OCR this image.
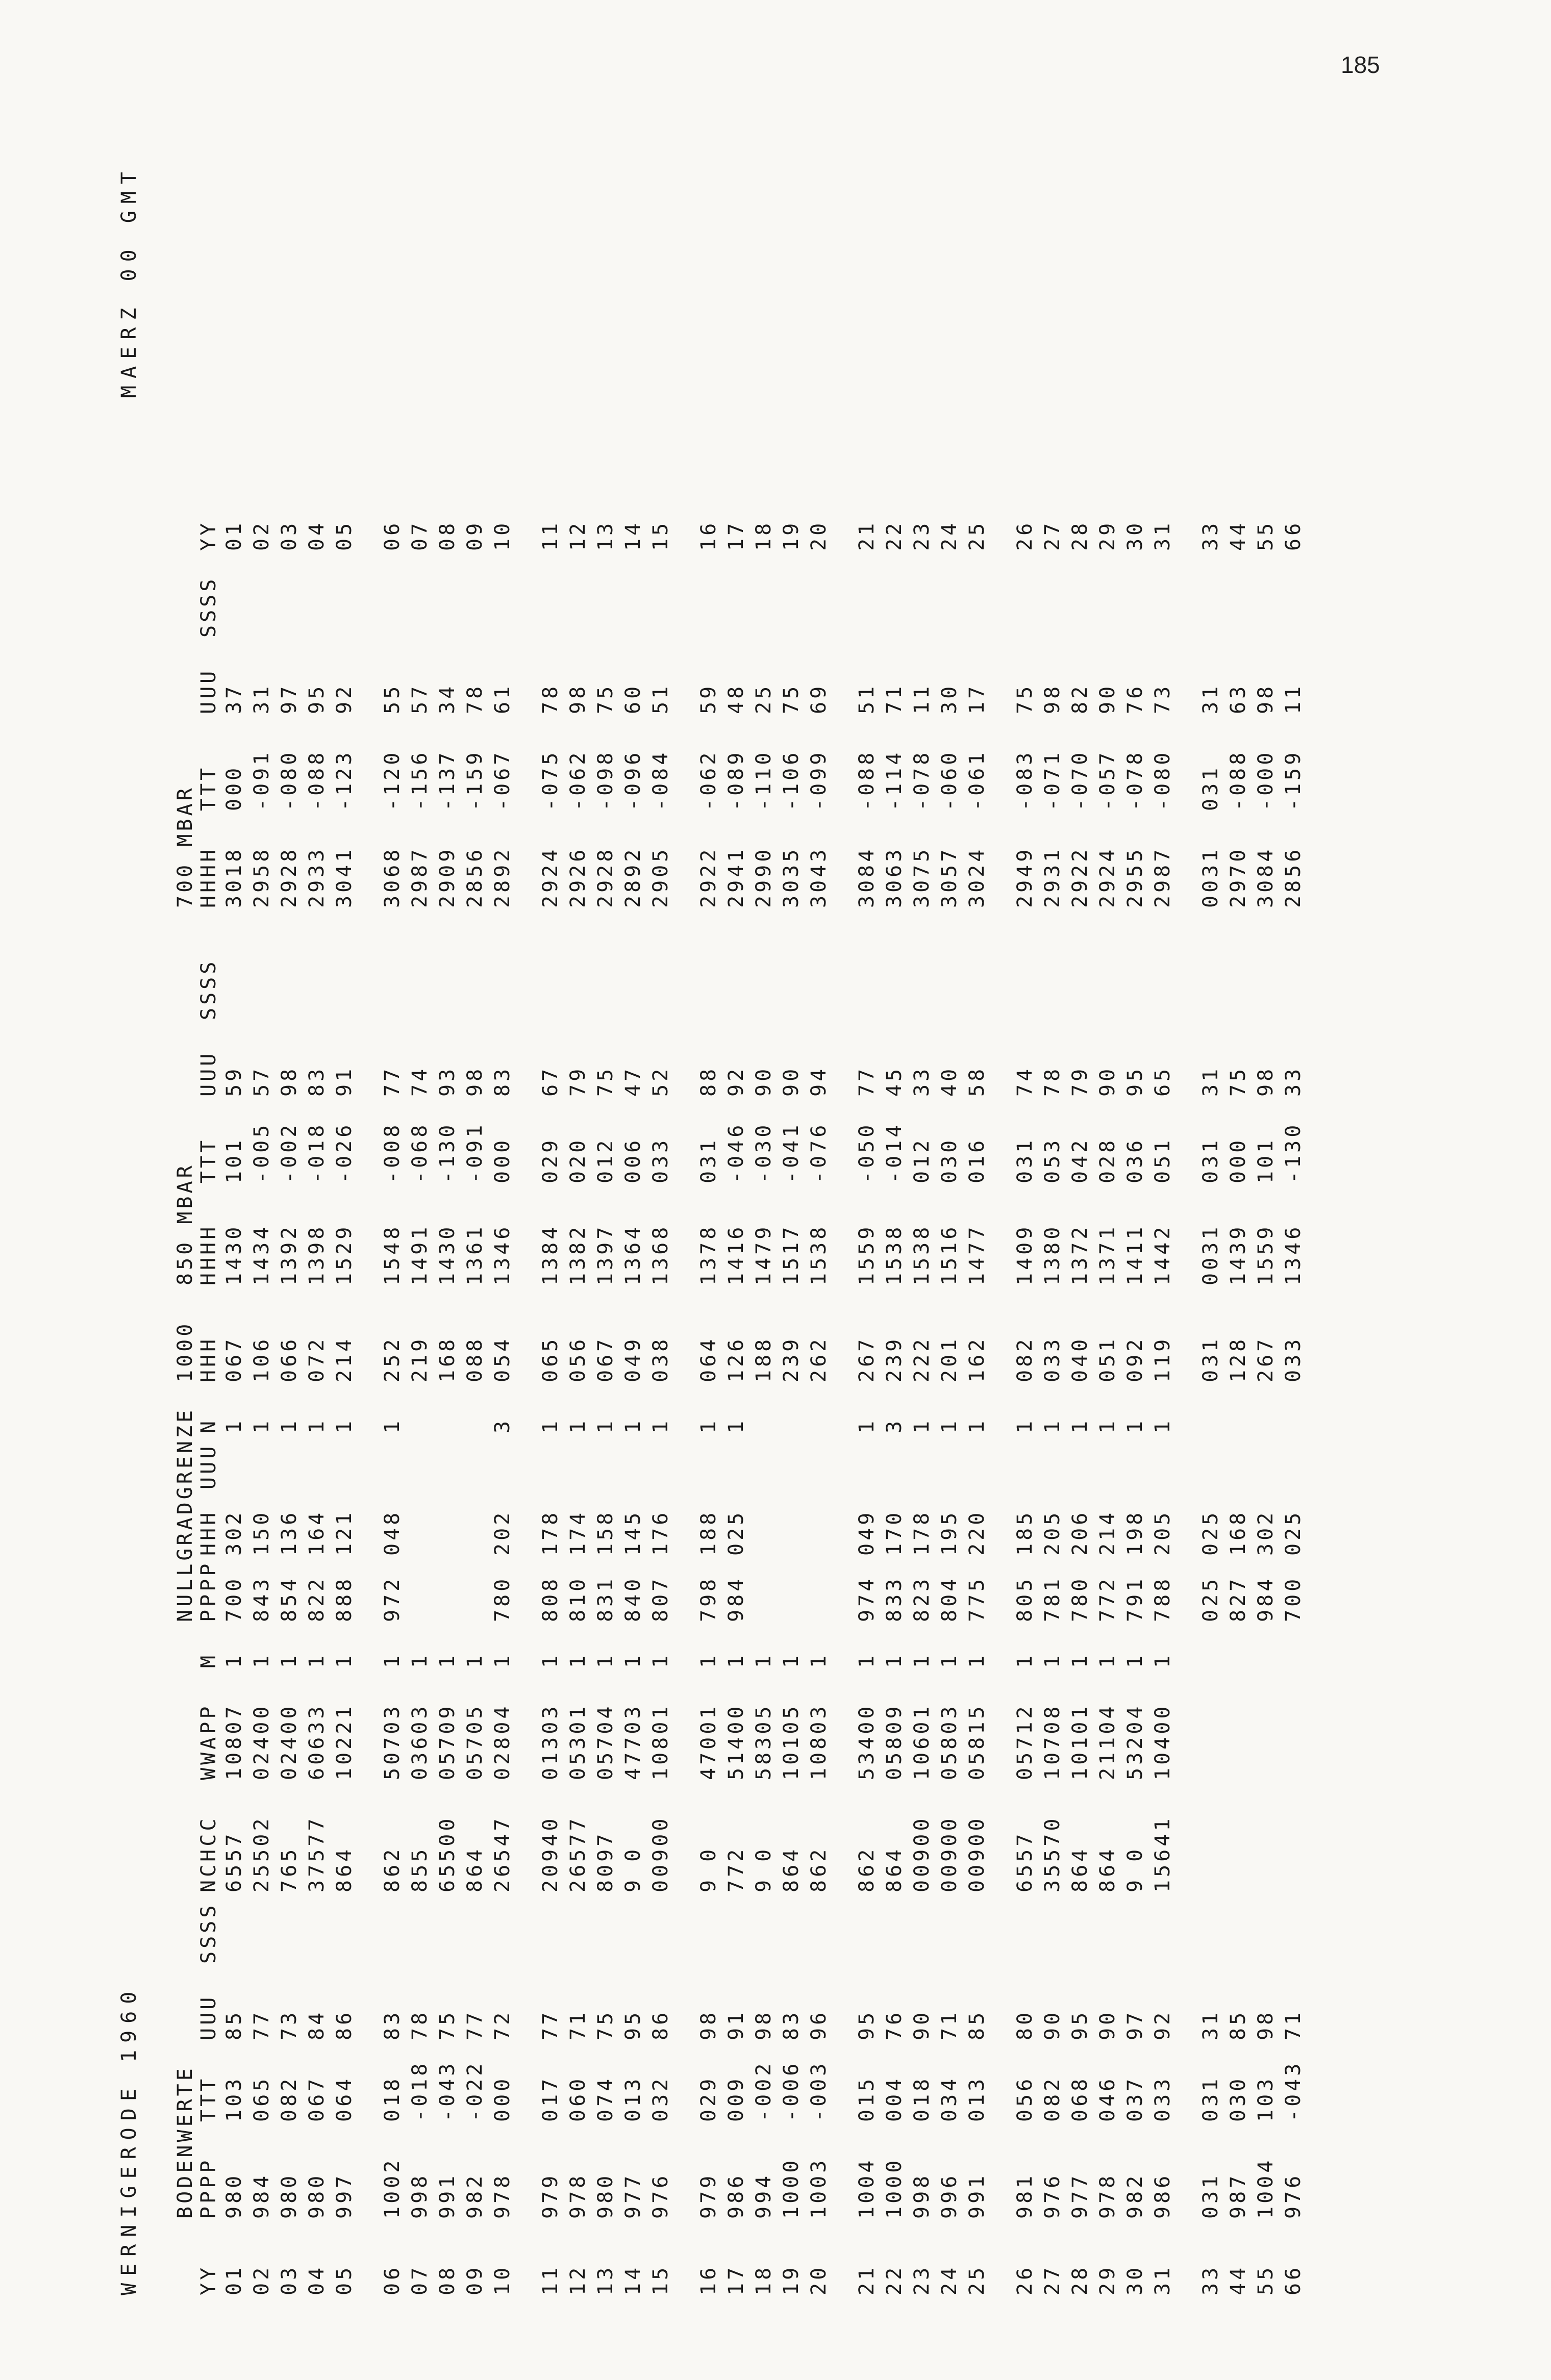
185
WERNIGERODE 1960
MAERZ 00 GMT
	BODENWERTE							NULLGRADGRENZE				1000	850 MBAR				700 MBAR				
YY	PPPP	TTT	UUU	SSSS	NCHCC	WWAPP	M	PPPP	HHH	UUU	N	HHH	HHHH	TTT	UUU	SSSS	HHHH	TTT	UUU	SSSS	YY
01	980	103	85		6557	10807	1	700	302		1	067	1430	101	59		3018	000	37		01
02	984	065	77		25502	02400	1	843	150		1	106	1434	-005	57		2958	-091	31		02
03	980	082	73		765	02400	1	854	136		1	066	1392	-002	98		2928	-080	97		03
04	980	067	84		37577	60633	1	822	164		1	072	1398	-018	83		2933	-088	95		04
05	997	064	86		864	10221	1	888	121		1	214	1529	-026	91		3041	-123	92		05

06	1002	018	83		862	50703	1	972	048		1	252	1548	-008	77		3068	-120	55		06
07	998	-018	78		855	03603	1					219	1491	-068	74		2987	-156	57		07
08	991	-043	75		65500	05709	1					168	1430	-130	93		2909	-137	34		08
09	982	-022	77		864	05705	1					088	1361	-091	98		2856	-159	78		09
10	978	000	72		26547	02804	1	780	202		3	054	1346	000	83		2892	-067	61		10

11	979	017	77		20940	01303	1	808	178		1	065	1384	029	67		2924	-075	78		11
12	978	060	71		26577	05301	1	810	174		1	056	1382	020	79		2926	-062	98		12
13	980	074	75		8097	05704	1	831	158		1	067	1397	012	75		2928	-098	75		13
14	977	013	95		9 0	47703	1	840	145		1	049	1364	006	47		2892	-096	60		14
15	976	032	86		00900	10801	1	807	176		1	038	1368	033	52		2905	-084	51		15

16	979	029	98		9 0	47001	1	798	188		1	064	1378	031	88		2922	-062	59		16
17	986	009	91		772	51400	1	984	025		1	126	1416	-046	92		2941	-089	48		17
18	994	-002	98		9 0	58305	1					188	1479	-030	90		2990	-110	25		18
19	1000	-006	83		864	10105	1					239	1517	-041	90		3035	-106	75		19
20	1003	-003	96		862	10803	1					262	1538	-076	94		3043	-099	69		20

21	1004	015	95		862	53400	1	974	049		1	267	1559	-050	77		3084	-088	51		21
22	1000	004	76		864	05809	1	833	170		3	239	1538	-014	45		3063	-114	71		22
23	998	018	90		00900	10601	1	823	178		1	222	1538	012	33		3075	-078	11		23
24	996	034	71		00900	05803	1	804	195		1	201	1516	030	40		3057	-060	30		24
25	991	013	85		00900	05815	1	775	220		1	162	1477	016	58		3024	-061	17		25

26	981	056	80		6557	05712	1	805	185		1	082	1409	031	74		2949	-083	75		26
27	976	082	90		35570	10708	1	781	205		1	033	1380	053	78		2931	-071	98		27
28	977	068	95		864	10101	1	780	206		1	040	1372	042	79		2922	-070	82		28
29	978	046	90		864	21104	1	772	214		1	051	1371	028	90		2924	-057	90		29
30	982	037	97		9 0	53204	1	791	198		1	092	1411	036	95		2955	-078	76		30
31	986	033	92		15641	10400	1	788	205		1	119	1442	051	65		2987	-080	73		31

33	031	031	31					025	025			031	0031	031	31		0031	031	31		33
44	987	030	85					827	168			128	1439	000	75		2970	-088	63		44
55	1004	103	98					984	302			267	1559	101	98		3084	-000	98		55
66	976	-043	71					700	025			033	1346	-130	33		2856	-159	11		66
